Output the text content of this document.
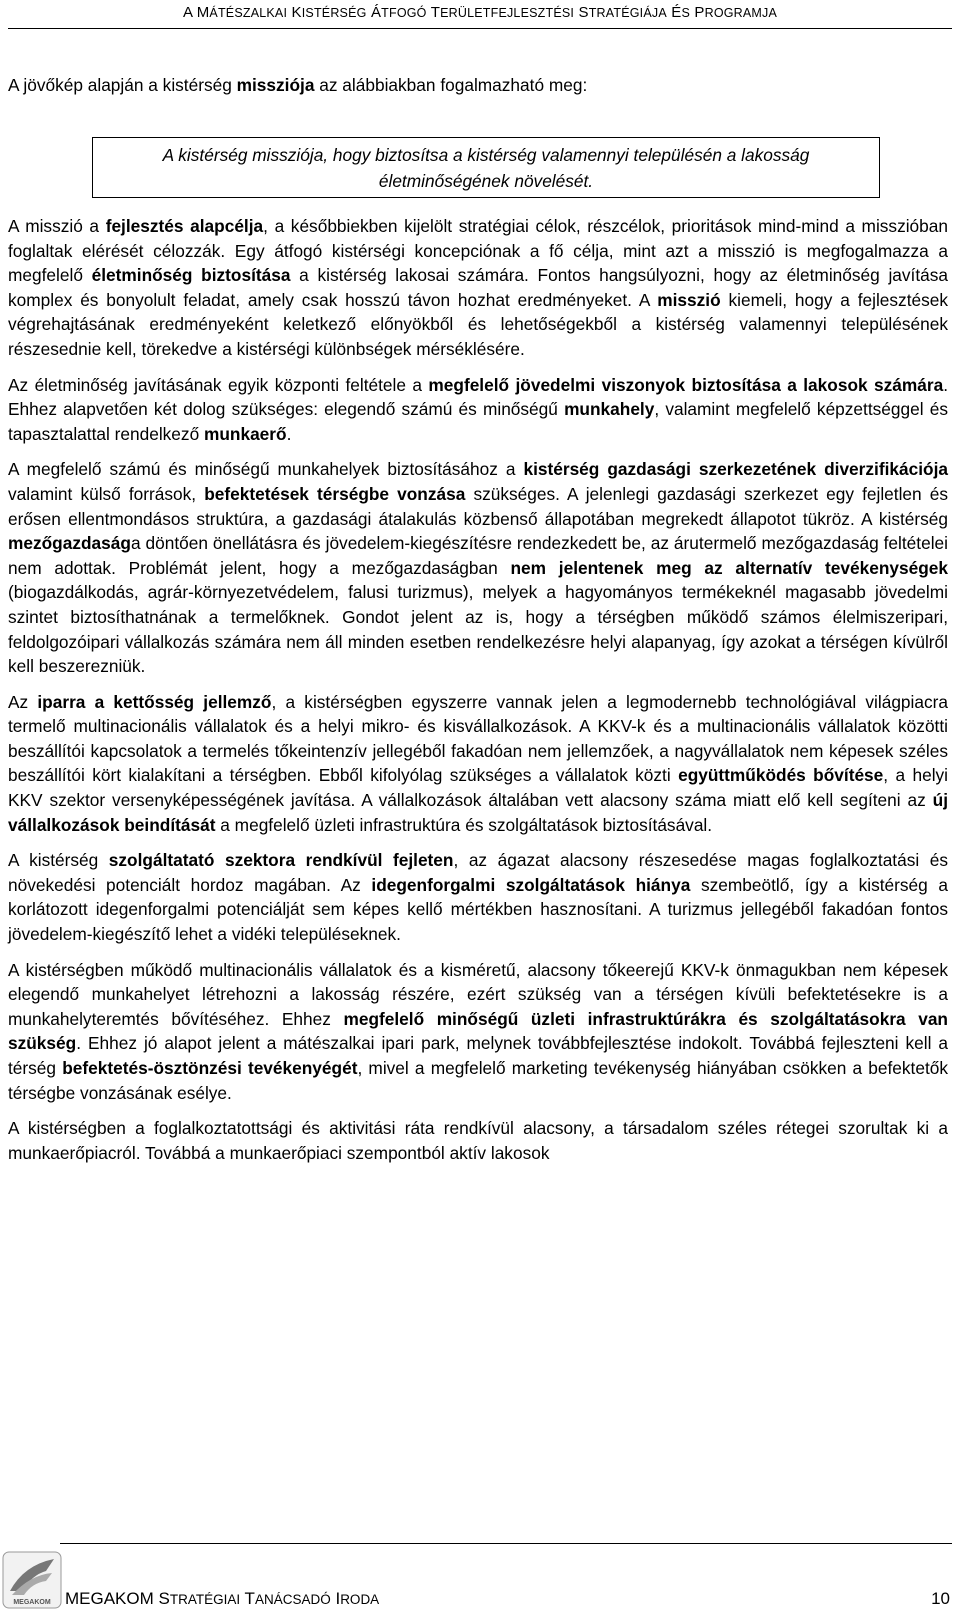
A MÁTÉSZALKAI KISTÉRSÉG ÁTFOGÓ TERÜLETFEJLESZTÉSI STRATÉGIÁJA ÉS PROGRAMJA
A jövőkép alapján a kistérség missziója az alábbiakban fogalmazható meg:
A kistérség missziója, hogy biztosítsa a kistérség valamennyi településén a lakosság életminőségének növelését.

A misszió a fejlesztés alapcélja, a későbbiekben kijelölt stratégiai célok, részcélok, prioritások mind-mind a misszióban foglaltak elérését célozzák. Egy átfogó kistérségi koncepciónak a fő célja, mint azt a misszió is megfogalmazza a megfelelő életminőség biztosítása a kistérség lakosai számára. Fontos hangsúlyozni, hogy az életminőség javítása komplex és bonyolult feladat, amely csak hosszú távon hozhat eredményeket. A misszió kiemeli, hogy a fejlesztések végrehajtásának eredményeként keletkező előnyökből és lehetőségekből a kistérség valamennyi településének részesednie kell, törekedve a kistérségi különbségek mérséklésére.

Az életminőség javításának egyik központi feltétele a megfelelő jövedelmi viszonyok biztosítása a lakosok számára. Ehhez alapvetően két dolog szükséges: elegendő számú és minőségű munkahely, valamint megfelelő képzettséggel és tapasztalattal rendelkező munkaerő.

A megfelelő számú és minőségű munkahelyek biztosításához a kistérség gazdasági szerkezetének diverzifikációja valamint külső források, befektetések térségbe vonzása szükséges. A jelenlegi gazdasági szerkezet egy fejletlen és erősen ellentmondásos struktúra, a gazdasági átalakulás közbenső állapotában megrekedt állapotot tükröz. A kistérség mezőgazdasága döntően önellátásra és jövedelem-kiegészítésre rendezkedett be, az árutermelő mezőgazdaság feltételei nem adottak. Problémát jelent, hogy a mezőgazdaságban nem jelentenek meg az alternatív tevékenységek (biogazdálkodás, agrár-környezetvédelem, falusi turizmus), melyek a hagyományos termékeknél magasabb jövedelmi szintet biztosíthatnának a termelőknek. Gondot jelent az is, hogy a térségben működő számos élelmiszeripari, feldolgozóipari vállalkozás számára nem áll minden esetben rendelkezésre helyi alapanyag, így azokat a térségen kívülről kell beszerezniük.

Az iparra a kettősség jellemző, a kistérségben egyszerre vannak jelen a legmodernebb technológiával világpiacra termelő multinacionális vállalatok és a helyi mikro- és kisvállalkozások. A KKV-k és a multinacionális vállalatok közötti beszállítói kapcsolatok a termelés tőkeintenzív jellegéből fakadóan nem jellemzőek, a nagyvállalatok nem képesek széles beszállítói kört kialakítani a térségben. Ebből kifolyólag szükséges a vállalatok közti együttműködés bővítése, a helyi KKV szektor versenyképességének javítása. A vállalkozások általában vett alacsony száma miatt elő kell segíteni az új vállalkozások beindítását a megfelelő üzleti infrastruktúra és szolgáltatások biztosításával.

A kistérség szolgáltatató szektora rendkívül fejleten, az ágazat alacsony részesedése magas foglalkoztatási és növekedési potenciált hordoz magában. Az idegenforgalmi szolgáltatások hiánya szembeötlő, így a kistérség a korlátozott idegenforgalmi potenciálját sem képes kellő mértékben hasznosítani. A turizmus jellegéből fakadóan fontos jövedelem-kiegészítő lehet a vidéki településeknek.

A kistérségben működő multinacionális vállalatok és a kisméretű, alacsony tőkeerejű KKV-k önmagukban nem képesek elegendő munkahelyet létrehozni a lakosság részére, ezért szükség van a térségen kívüli befektetésekre is a munkahelyteremtés bővítéséhez. Ehhez megfelelő minőségű üzleti infrastruktúrákra és szolgáltatásokra van szükség. Ehhez jó alapot jelent a mátészalkai ipari park, melynek továbbfejlesztése indokolt. Továbbá fejleszteni kell a térség befektetés-ösztönzési tevékenyégét, mivel a megfelelő marketing tevékenység hiányában csökken a befektetők térségbe vonzásának esélye.

A kistérségben a foglalkoztatottsági és aktivitási ráta rendkívül alacsony, a társadalom széles rétegei szorultak ki a munkaerőpiacról. Továbbá a munkaerőpiaci szempontból aktív lakosok

MEGAKOM MEGAKOM STRATÉGIAI TANÁCSADÓ IRODA	10
